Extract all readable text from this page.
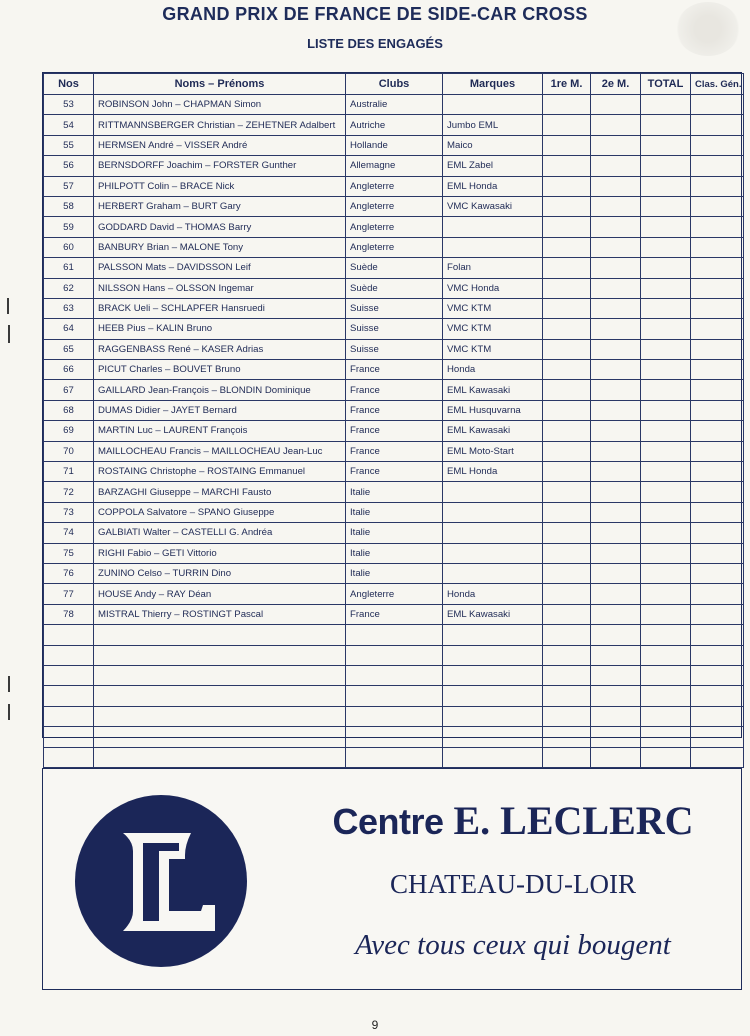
GRAND PRIX DE FRANCE DE SIDE-CAR CROSS
LISTE DES ENGAGÉS
Nos	Noms – Prénoms	Clubs	Marques	1re M.	2e M.	TOTAL	Clas. Gén.
53	ROBINSON John – CHAPMAN Simon	Australie					
54	RITTMANNSBERGER Christian – ZEHETNER Adalbert	Autriche	Jumbo EML				
55	HERMSEN André – VISSER André	Hollande	Maico				
56	BERNSDORFF Joachim – FORSTER Gunther	Allemagne	EML Zabel				
57	PHILPOTT Colin – BRACE Nick	Angleterre	EML Honda				
58	HERBERT Graham – BURT Gary	Angleterre	VMC Kawasaki				
59	GODDARD David – THOMAS Barry	Angleterre					
60	BANBURY Brian – MALONE Tony	Angleterre					
61	PALSSON Mats – DAVIDSSON Leif	Suède	Folan				
62	NILSSON Hans – OLSSON Ingemar	Suède	VMC Honda				
63	BRACK Ueli – SCHLAPFER Hansruedi	Suisse	VMC KTM				
64	HEEB Pius – KALIN Bruno	Suisse	VMC KTM				
65	RAGGENBASS René – KASER Adrias	Suisse	VMC KTM				
66	PICUT Charles – BOUVET Bruno	France	Honda				
67	GAILLARD Jean-François – BLONDIN Dominique	France	EML Kawasaki				
68	DUMAS Didier – JAYET Bernard	France	EML Husquvarna				
69	MARTIN Luc – LAURENT François	France	EML Kawasaki				
70	MAILLOCHEAU Francis – MAILLOCHEAU Jean-Luc	France	EML Moto-Start				
71	ROSTAING Christophe – ROSTAING Emmanuel	France	EML Honda				
72	BARZAGHI Giuseppe – MARCHI Fausto	Italie					
73	COPPOLA Salvatore – SPANO Giuseppe	Italie					
74	GALBIATI Walter – CASTELLI G. Andréa	Italie					
75	RIGHI Fabio – GETI Vittorio	Italie					
76	ZUNINO Celso – TURRIN Dino	Italie					
77	HOUSE Andy – RAY Déan	Angleterre	Honda				
78	MISTRAL Thierry – ROSTINGT Pascal	France	EML Kawasaki				

Centre E. LECLERC
CHATEAU-DU-LOIR
Avec tous ceux qui bougent
9
